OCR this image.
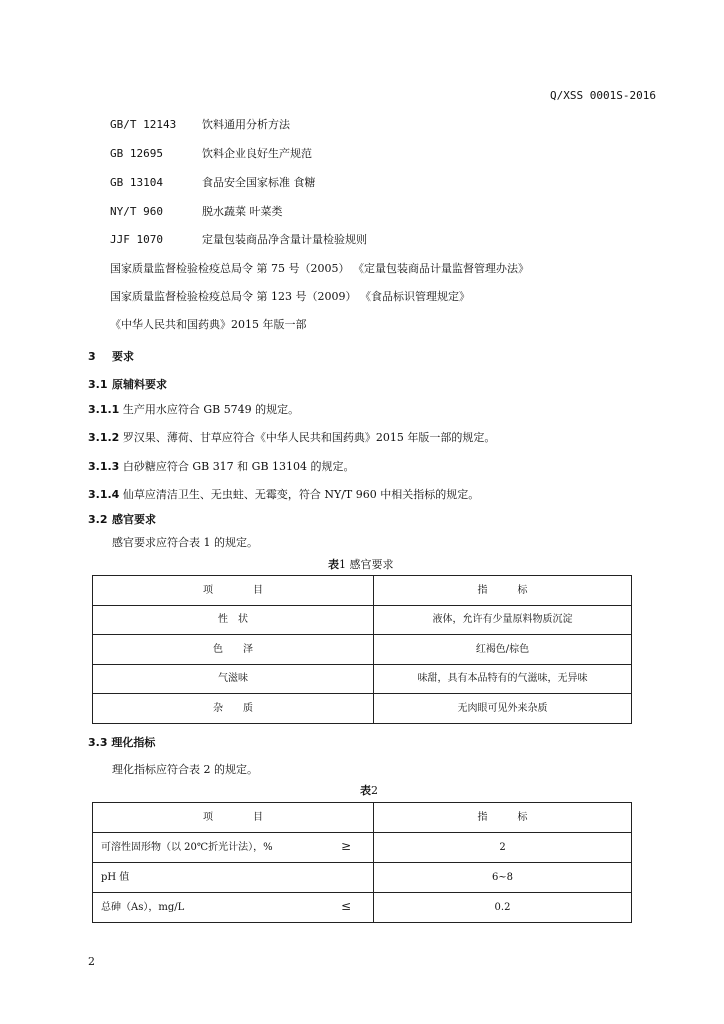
Q/XSS 0001S-2016
GB/T 12143 饮料通用分析方法
GB 12695	饮料企业良好生产规范
GB 13104	食品安全国家标准 食糖
NY/T 960	脱水蔬菜 叶菜类
JJF 1070	定量包装商品净含量计量检验规则
国家质量监督检验检疫总局令 第 75 号（2005） 《定量包装商品计量监督管理办法》
国家质量监督检验检疫总局令 第 123 号（2009） 《食品标识管理规定》
《中华人民共和国药典》2015 年版一部
3 要求
3.1 原辅料要求
3.1.1 生产用水应符合 GB 5749 的规定。
3.1.2 罗汉果、薄荷、甘草应符合《中华人民共和国药典》2015 年版一部的规定。
3.1.3 白砂糖应符合 GB 317 和 GB 13104 的规定。
3.1.4 仙草应清洁卫生、无虫蛀、无霉变，符合 NY/T 960 中相关指标的规定。
3.2 感官要求
感官要求应符合表 1 的规定。
表1 感官要求
项　　　　目	指　　　标
性　状	液体，允许有少量原料物质沉淀
色　　泽	红褐色/棕色
气滋味	味甜，具有本品特有的气滋味，无异味
杂　　质	无肉眼可见外来杂质
3.3 理化指标
理化指标应符合表 2 的规定。
表2
项　　　　目	指　　　标

可溶性固形物（以 20℃折光计法），% ≥	2

pH 值	6~8

总砷（As），mg/L ≤	0.2
2
